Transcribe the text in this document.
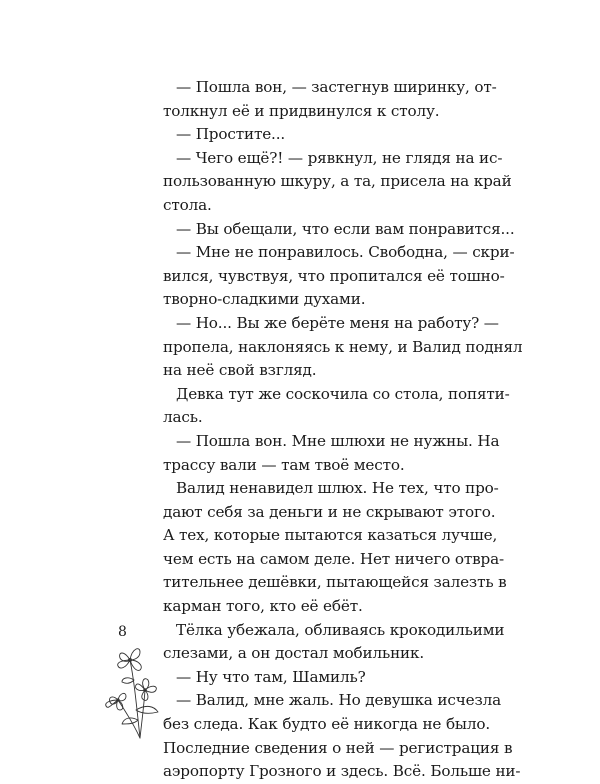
— Пошла вон, — застегнув ширинку, от-
толкнул её и придвинулся к столу.
— Простите...
— Чего ещё?! — рявкнул, не глядя на ис-
пользованную шкуру, а та, присела на край
стола.
— Вы обещали, что если вам понравится...
— Мне не понравилось. Свободна, — скри-
вился, чувствуя, что пропитался её тошно-
творно-сладкими духами.
— Но... Вы же берёте меня на работу? —
пропела, наклоняясь к нему, и Валид поднял
на неё свой взгляд.
Девка тут же соскочила со стола, попяти-
лась.
— Пошла вон. Мне шлюхи не нужны. На
трассу вали — там твоё место.
Валид ненавидел шлюх. Не тех, что про-
дают себя за деньги и не скрывают этого.
А тех, которые пытаются казаться лучше,
чем есть на самом деле. Нет ничего отвра-
тительнее дешёвки, пытающейся залезть в
карман того, кто её ебёт.
Тёлка убежала, обливаясь крокодильими
слезами, а он достал мобильник.
— Ну что там, Шамиль?
— Валид, мне жаль. Но девушка исчезла
без следа. Как будто её никогда не было.
Последние сведения о ней — регистрация в
аэропорту Грозного и здесь. Всё. Больше ни-
8
